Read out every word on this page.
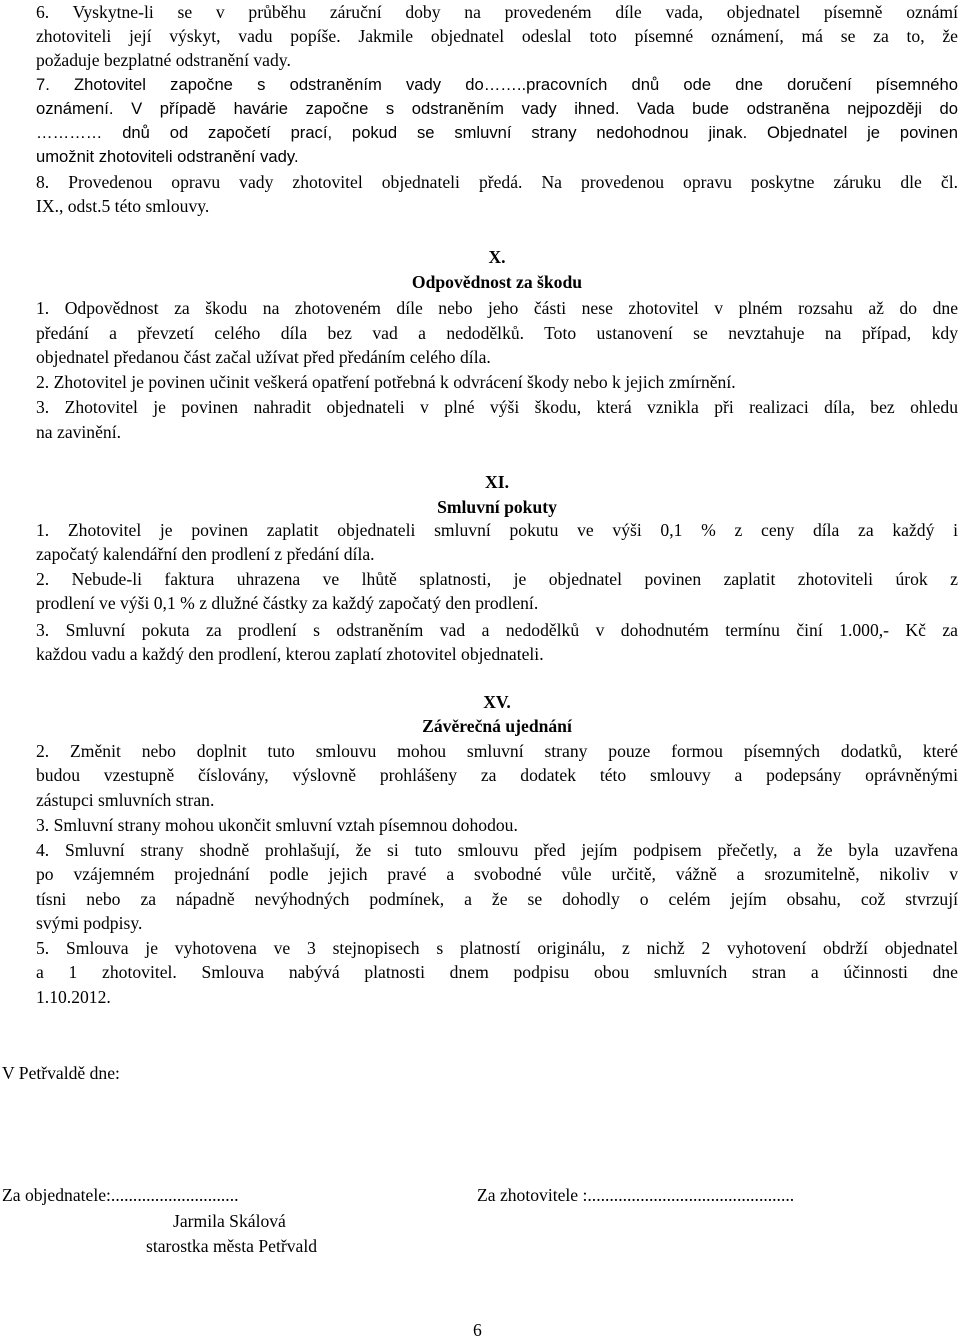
6. Vyskytne-li se v průběhu záruční doby na provedeném díle vada, objednatel písemně oznámí
zhotoviteli její výskyt, vadu popíše. Jakmile objednatel odeslal toto písemné oznámení, má se za to, že
požaduje bezplatné odstranění vady.
7. Zhotovitel započne s odstraněním vady do……..pracovních dnů ode dne doručení písemného
oznámení. V případě havárie započne s odstraněním vady ihned. Vada bude odstraněna nejpozději do
………… dnů od započetí prací, pokud se smluvní strany nedohodnou jinak. Objednatel je povinen
umožnit zhotoviteli odstranění vady.
8. Provedenou opravu vady zhotovitel objednateli předá. Na provedenou opravu poskytne záruku dle čl.
IX., odst.5 této smlouvy.
X.
Odpovědnost za škodu
1. Odpovědnost za škodu na zhotoveném díle nebo jeho části nese zhotovitel v plném rozsahu až do dne
předání a převzetí celého díla bez vad a nedodělků. Toto ustanovení se nevztahuje na případ, kdy
objednatel předanou část začal užívat před předáním celého díla.
2. Zhotovitel je povinen učinit veškerá opatření potřebná k odvrácení škody nebo k jejich zmírnění.
3. Zhotovitel je povinen nahradit objednateli v plné výši škodu, která vznikla při realizaci díla, bez ohledu
na zavinění.
XI.
Smluvní pokuty
1. Zhotovitel je povinen zaplatit objednateli smluvní pokutu ve výši 0,1 % z ceny díla za každý i
započatý kalendářní den prodlení z předání díla.
2. Nebude-li faktura uhrazena ve lhůtě splatnosti, je objednatel povinen zaplatit zhotoviteli úrok z
prodlení ve výši 0,1 % z dlužné částky za každý započatý den prodlení.
3. Smluvní pokuta za prodlení s odstraněním vad a nedodělků v dohodnutém termínu činí 1.000,- Kč za
každou vadu a každý den prodlení, kterou zaplatí zhotovitel objednateli.
XV.
Závěrečná ujednání
2. Změnit nebo doplnit tuto smlouvu mohou smluvní strany pouze formou písemných dodatků, které
budou vzestupně číslovány, výslovně prohlášeny za dodatek této smlouvy a podepsány oprávněnými
zástupci smluvních stran.
3. Smluvní strany mohou ukončit smluvní vztah písemnou dohodou.
4. Smluvní strany shodně prohlašují, že si tuto smlouvu před jejím podpisem přečetly, a že byla uzavřena
po vzájemném projednání podle jejich pravé a svobodné vůle určitě, vážně a srozumitelně, nikoliv v
tísni nebo za nápadně nevýhodných podmínek, a že se dohodly o celém jejím obsahu, což stvrzují
svými podpisy.
5. Smlouva je vyhotovena ve 3 stejnopisech s platností originálu, z nichž 2 vyhotovení obdrží objednatel
a 1 zhotovitel. Smlouva nabývá platnosti dnem podpisu obou smluvních stran a účinnosti dne
1.10.2012.
V Petřvaldě dne:
Za objednatele:.............................	Za zhotovitele :...............................................
Jarmila Skálová
starostka města Petřvald
6
